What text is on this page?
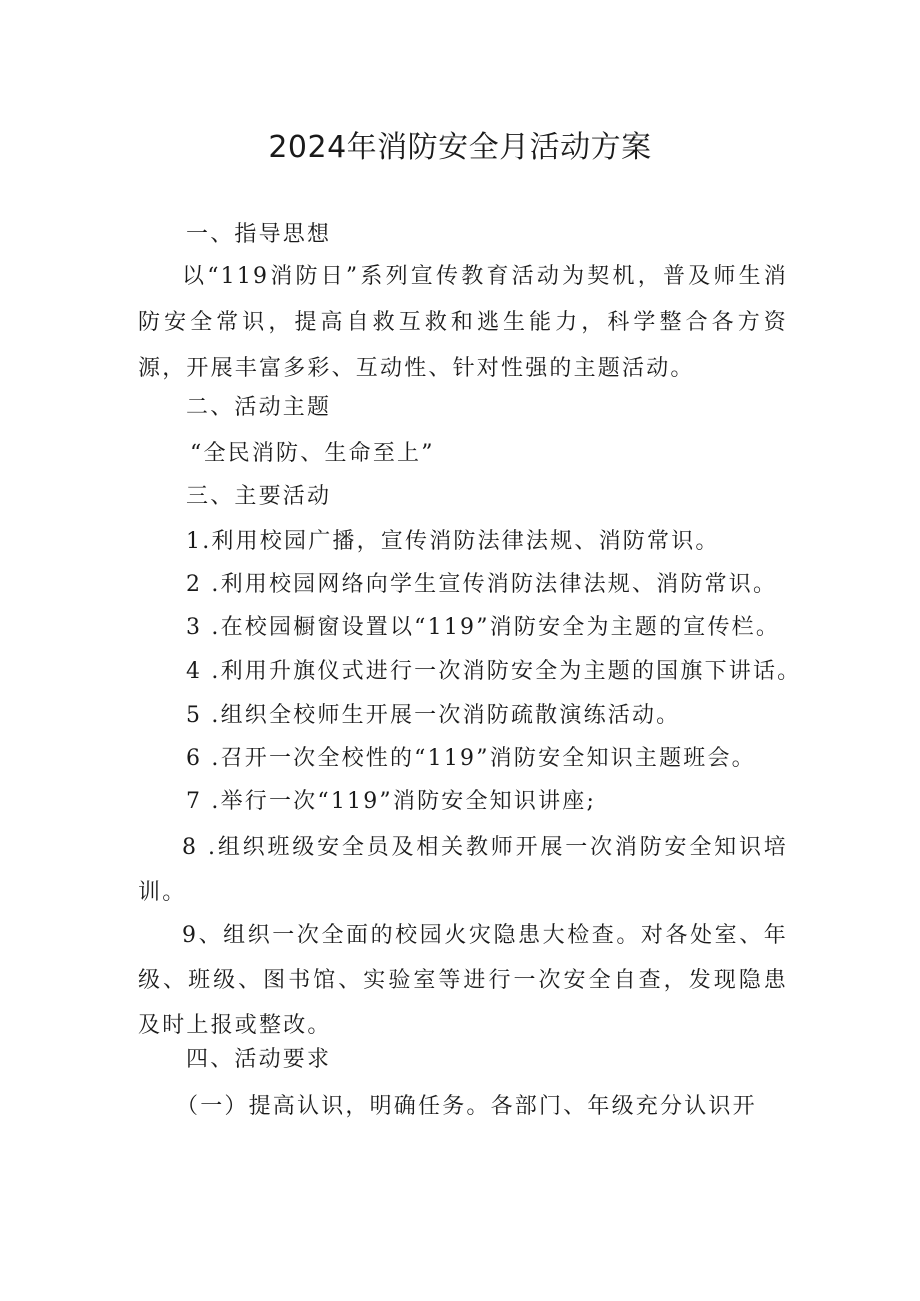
2024年消防安全月活动方案
一、指导思想

以“119消防日”系列宣传教育活动为契机，普及师生消防安全常识，提高自救互救和逃生能力，科学整合各方资源，开展丰富多彩、互动性、针对性强的主题活动。

二、活动主题
“全民消防、生命至上”
三、主要活动
1.利用校园广播，宣传消防法律法规、消防常识。
2 .利用校园网络向学生宣传消防法律法规、消防常识。
3 .在校园橱窗设置以“119”消防安全为主题的宣传栏。
4 .利用升旗仪式进行一次消防安全为主题的国旗下讲话。
5 .组织全校师生开展一次消防疏散演练活动。
6 .召开一次全校性的“119”消防安全知识主题班会。
7 .举行一次“119”消防安全知识讲座;

8 .组织班级安全员及相关教师开展一次消防安全知识培训。

9、组织一次全面的校园火灾隐患大检查。对各处室、年级、班级、图书馆、实验室等进行一次安全自查，发现隐患及时上报或整改。

四、活动要求
（一）提高认识，明确任务。各部门、年级充分认识开
